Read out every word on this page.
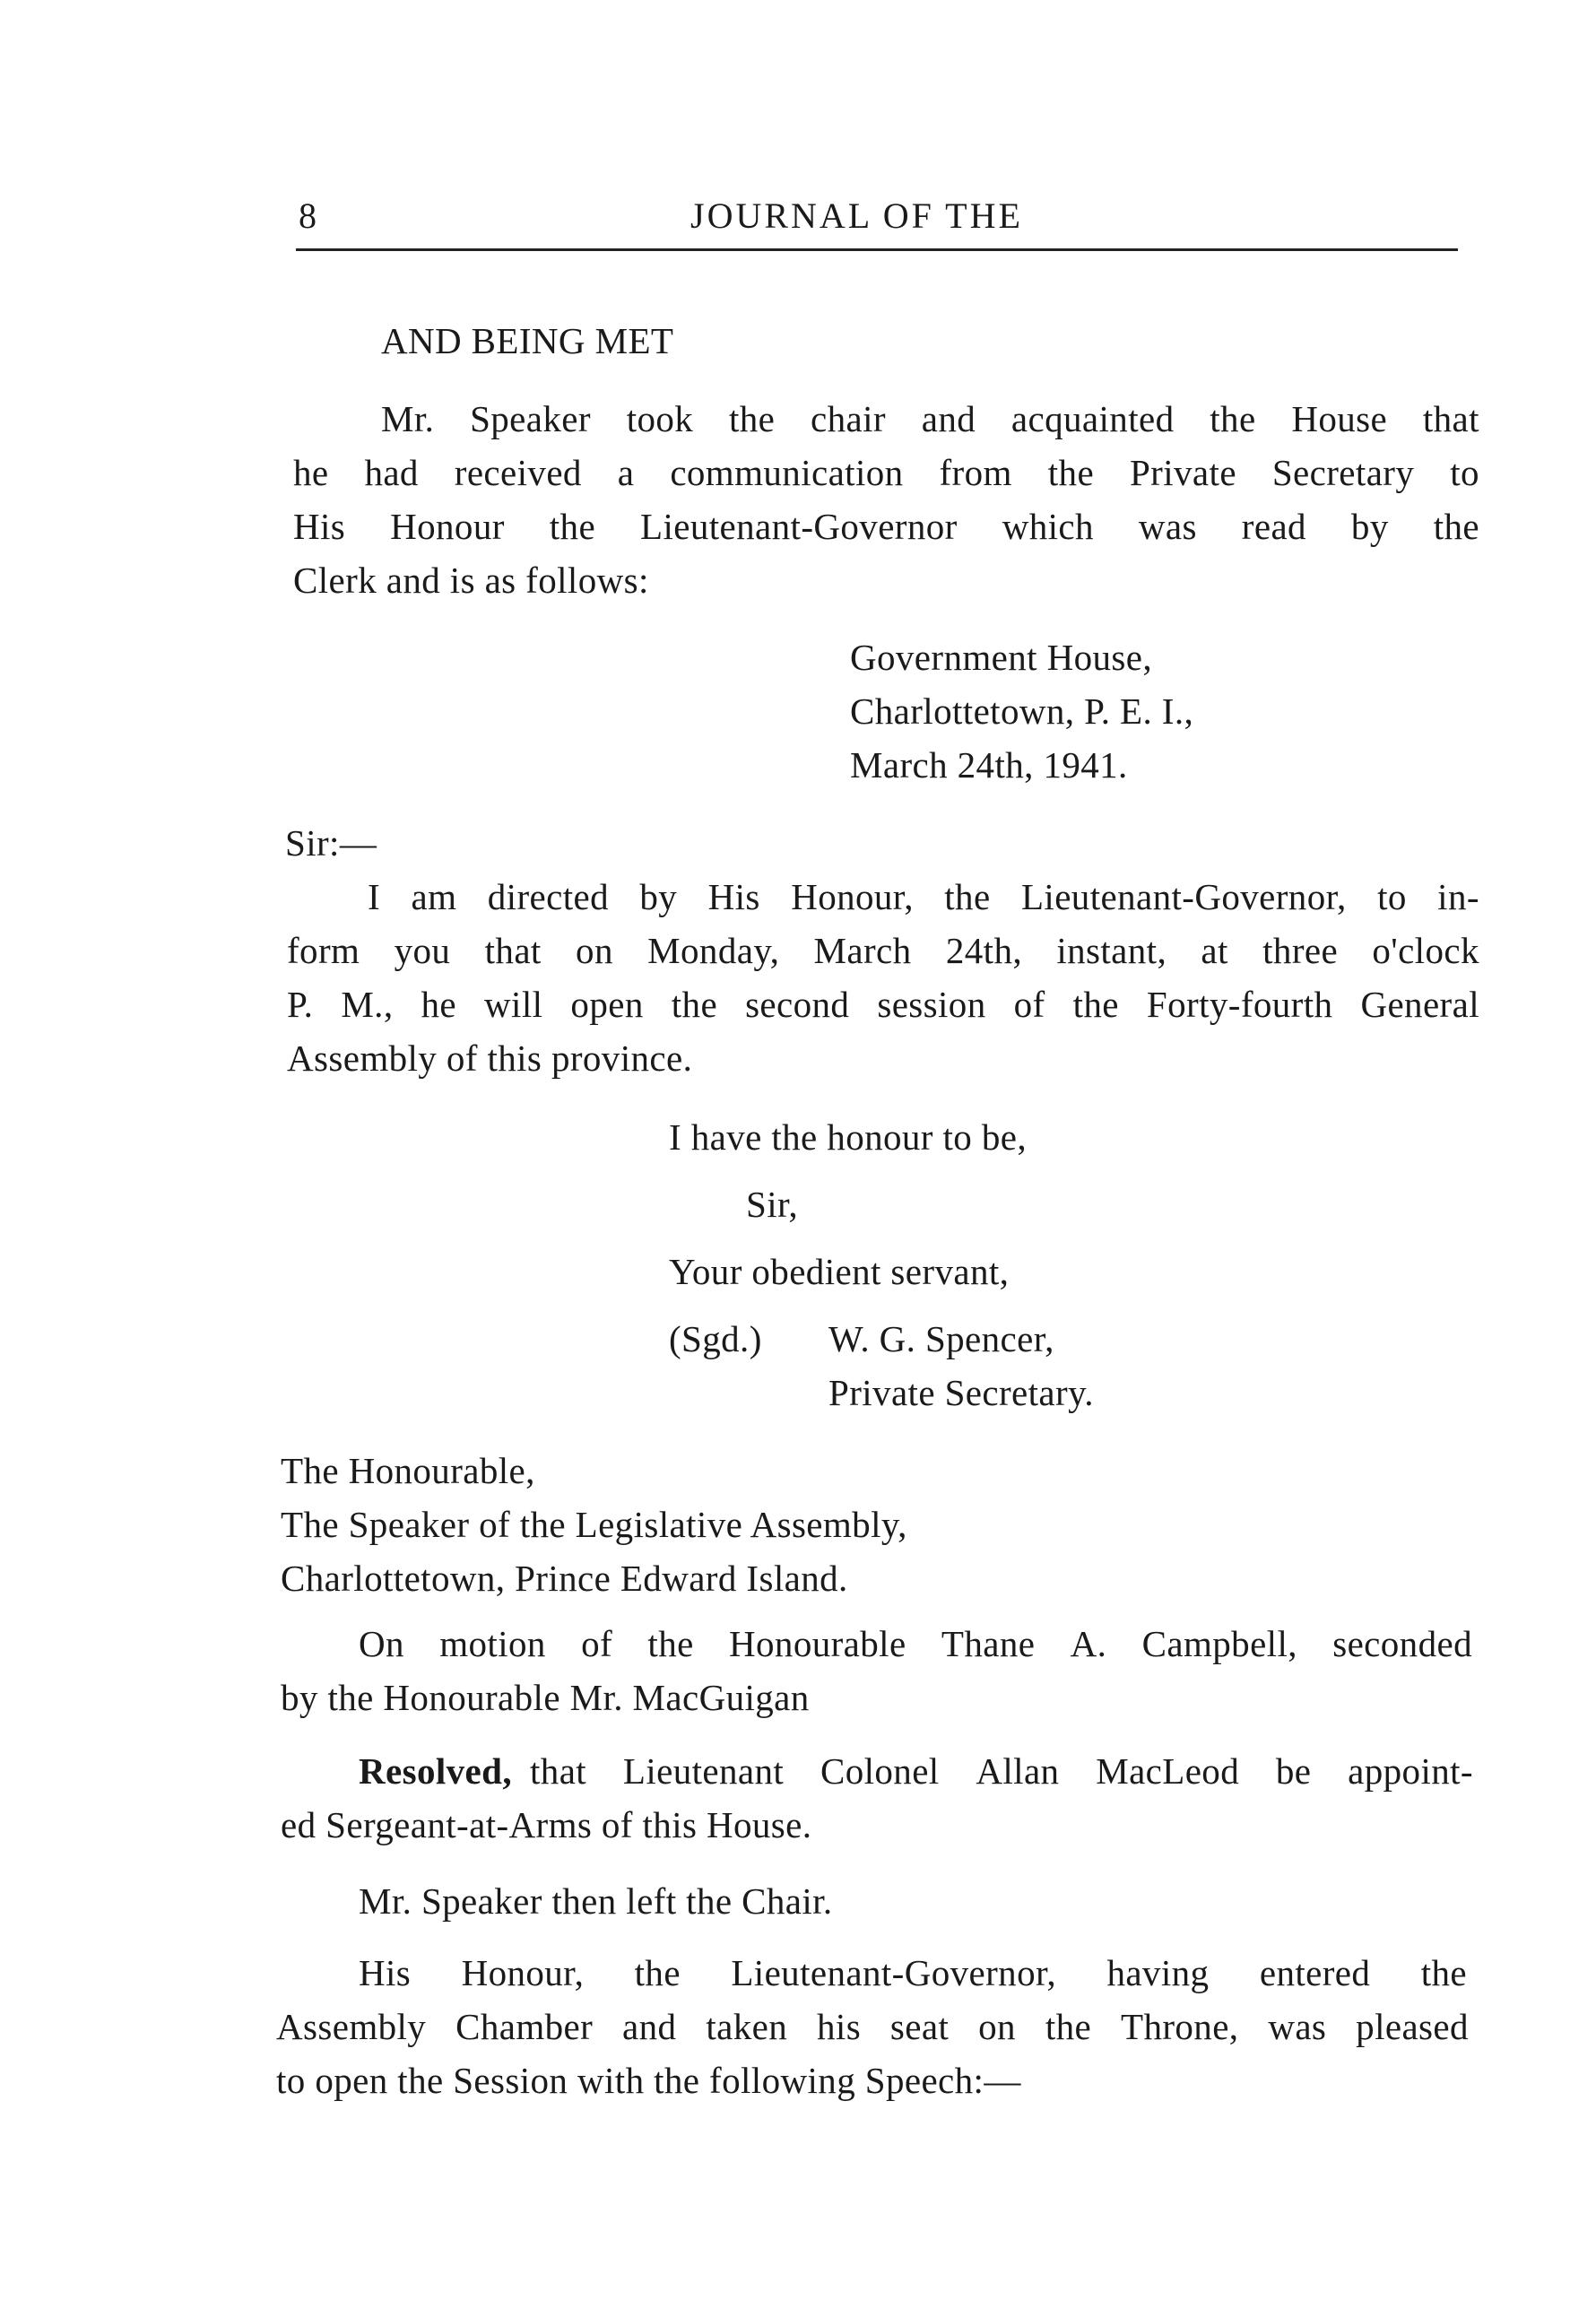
8	JOURNAL OF THE
AND BEING MET
Mr. Speaker took the chair and acquainted the House that
he had received a communication from the Private Secretary to
His Honour the Lieutenant-Governor which was read by the
Clerk and is as follows:
Government House,
Charlottetown, P. E. I.,
March 24th, 1941.
Sir:—
I am directed by His Honour, the Lieutenant-Governor, to in-
form you that on Monday, March 24th, instant, at three o'clock
P. M., he will open the second session of the Forty-fourth General
Assembly of this province.
I have the honour to be,
Sir,
Your obedient servant,
(Sgd.) W. G. Spencer,
Private Secretary.
The Honourable,
The Speaker of the Legislative Assembly,
Charlottetown, Prince Edward Island.
On motion of the Honourable Thane A. Campbell, seconded
by the Honourable Mr. MacGuigan
Resolved, that Lieutenant Colonel Allan MacLeod be appoint-
ed Sergeant-at-Arms of this House.
Mr. Speaker then left the Chair.
His Honour, the Lieutenant-Governor, having entered the
Assembly Chamber and taken his seat on the Throne, was pleased
to open the Session with the following Speech:—
